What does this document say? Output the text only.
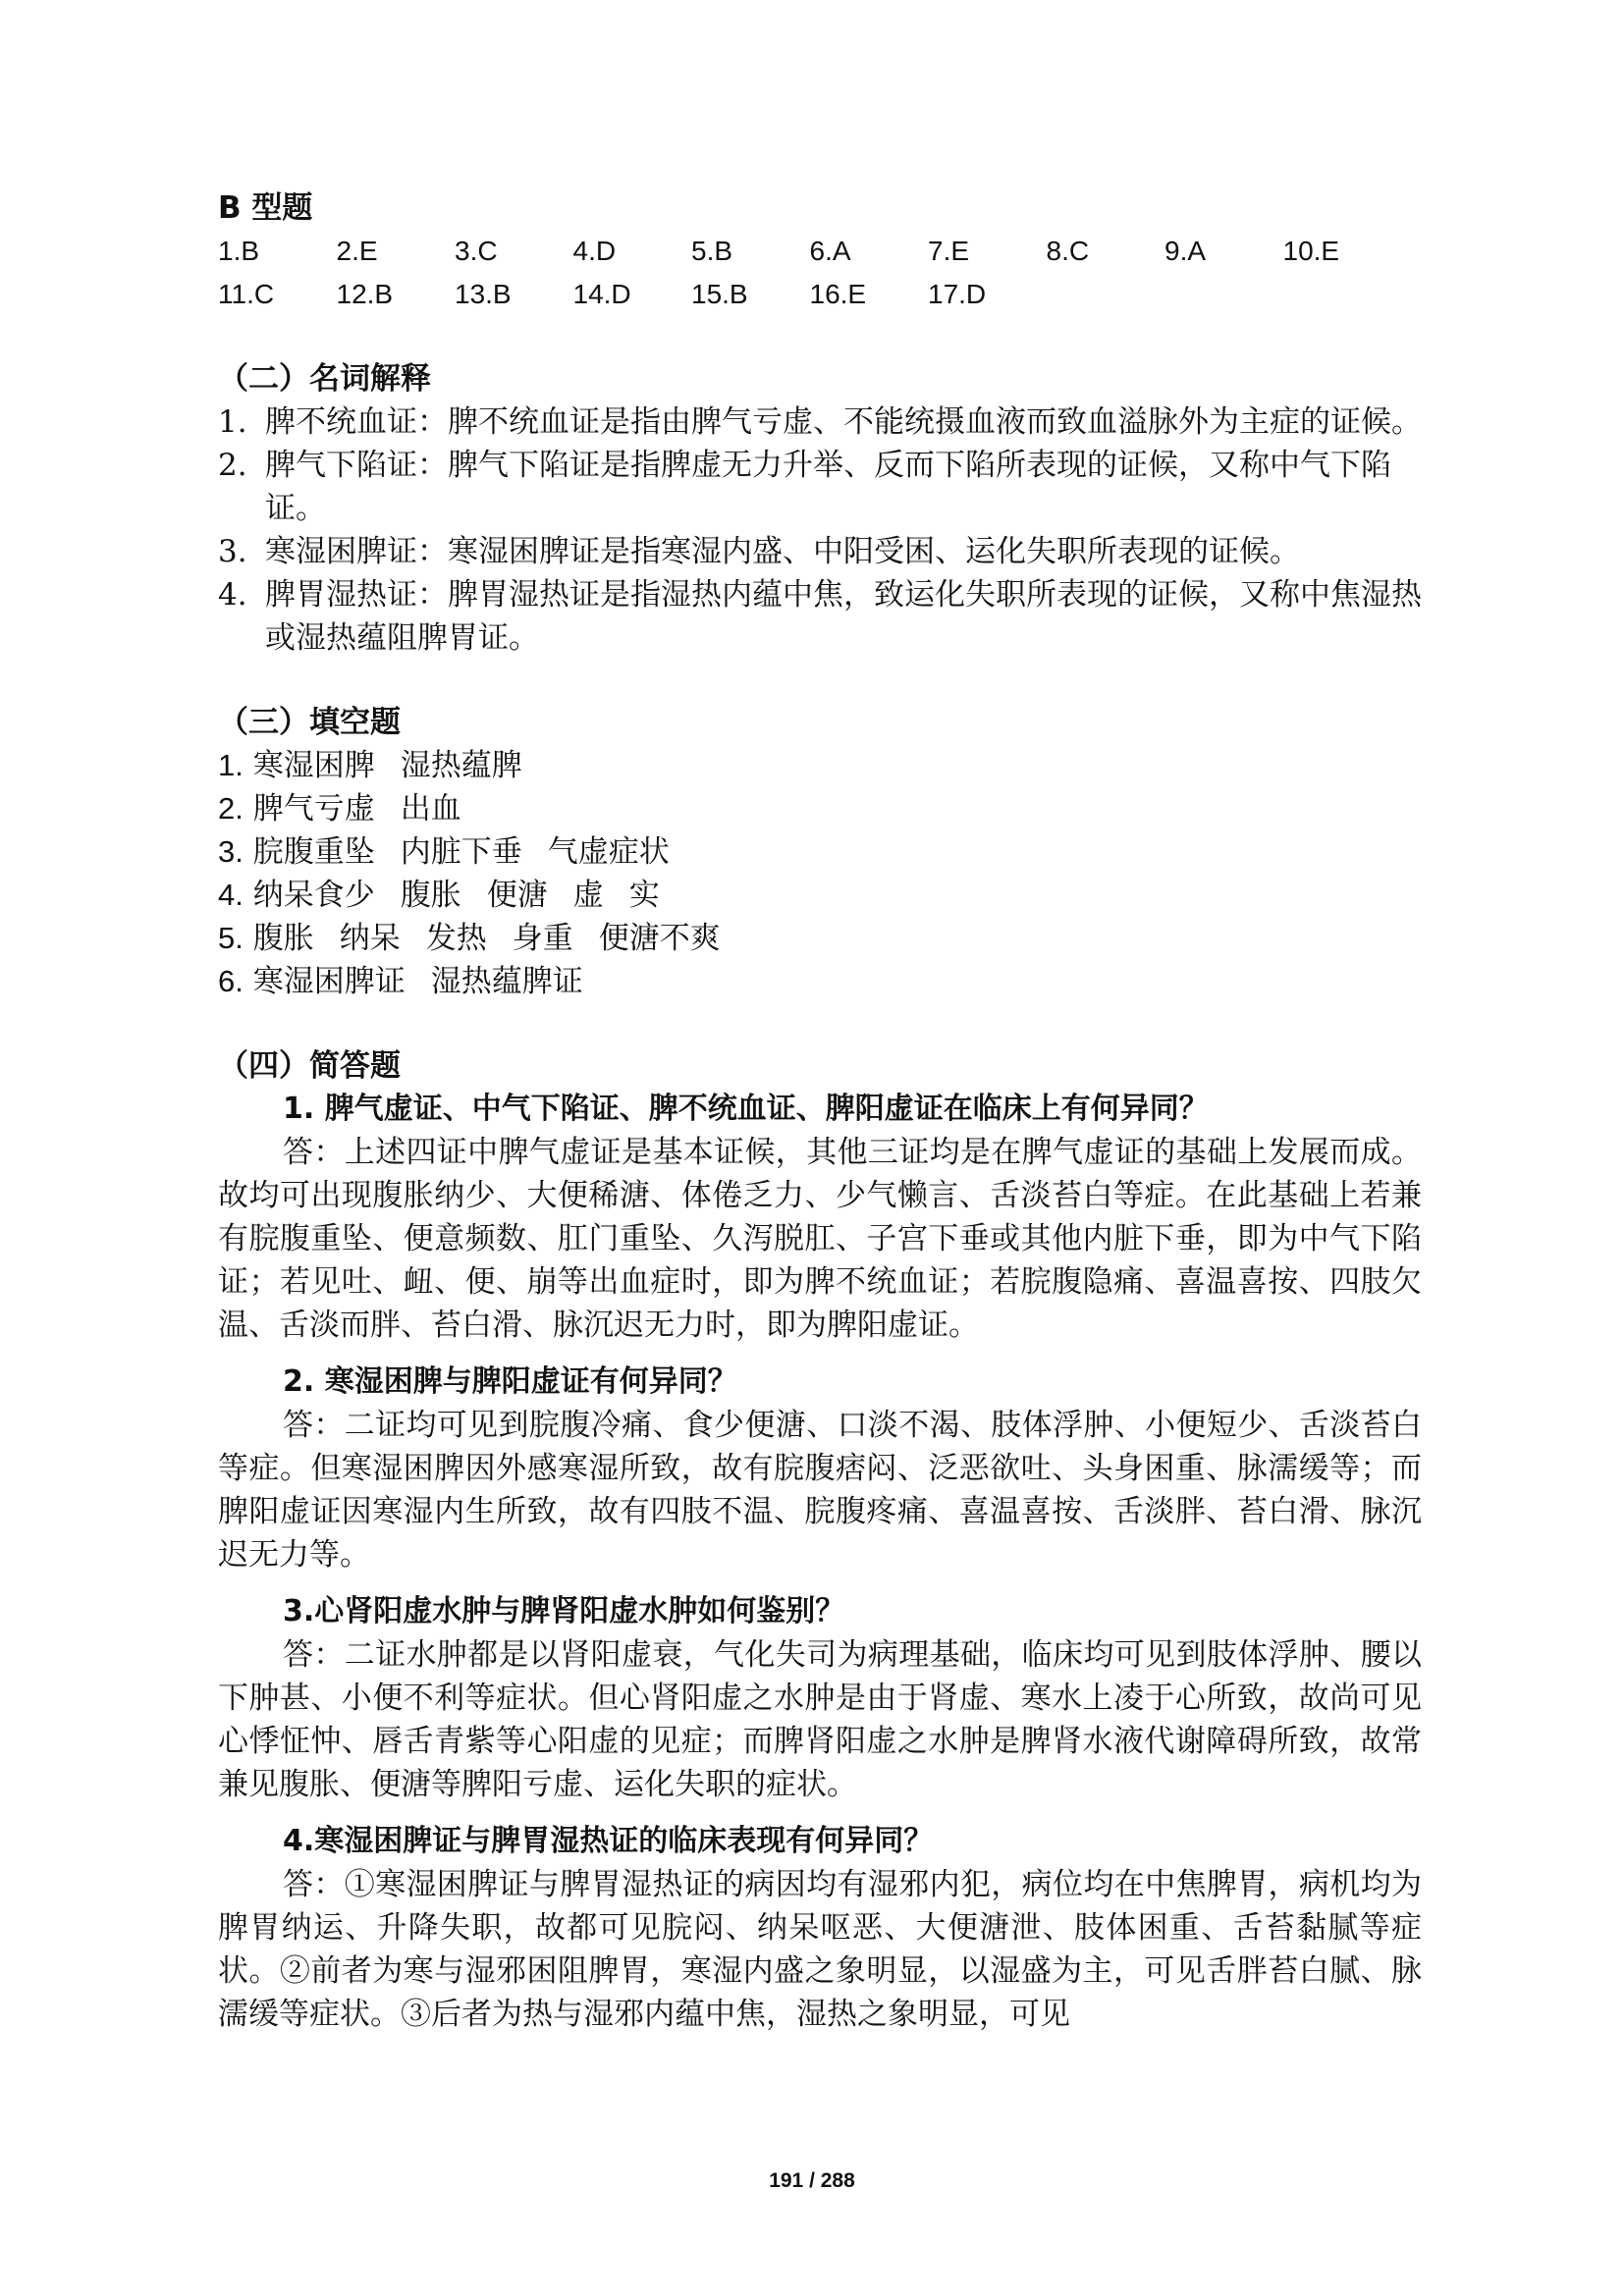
B 型题

1.B	2.E	3.C	4.D	5.B	6.A	7.E	8.C	9.A	10.E
11.C	12.B	13.B	14.D	15.B	16.E	17.D

（二）名词解释

1. 脾不统血证：脾不统血证是指由脾气亏虚、不能统摄血液而致血溢脉外为主症的证候。
2. 脾气下陷证：脾气下陷证是指脾虚无力升举、反而下陷所表现的证候，又称中气下陷证。
3. 寒湿困脾证：寒湿困脾证是指寒湿内盛、中阳受困、运化失职所表现的证候。
4. 脾胃湿热证：脾胃湿热证是指湿热内蕴中焦，致运化失职所表现的证候，又称中焦湿热或湿热蕴阻脾胃证。

（三）填空题

1. 寒湿困脾 湿热蕴脾
2. 脾气亏虚 出血
3. 脘腹重坠 内脏下垂 气虚症状
4. 纳呆食少 腹胀 便溏 虚 实
5. 腹胀 纳呆 发热 身重 便溏不爽
6. 寒湿困脾证 湿热蕴脾证

（四）简答题

1. 脾气虚证、中气下陷证、脾不统血证、脾阳虚证在临床上有何异同？

答：上述四证中脾气虚证是基本证候，其他三证均是在脾气虚证的基础上发展而成。故均可出现腹胀纳少、大便稀溏、体倦乏力、少气懒言、舌淡苔白等症。在此基础上若兼有脘腹重坠、便意频数、肛门重坠、久泻脱肛、子宫下垂或其他内脏下垂，即为中气下陷证；若见吐、衄、便、崩等出血症时，即为脾不统血证；若脘腹隐痛、喜温喜按、四肢欠温、舌淡而胖、苔白滑、脉沉迟无力时，即为脾阳虚证。

2. 寒湿困脾与脾阳虚证有何异同？

答：二证均可见到脘腹冷痛、食少便溏、口淡不渴、肢体浮肿、小便短少、舌淡苔白等症。但寒湿困脾因外感寒湿所致，故有脘腹痞闷、泛恶欲吐、头身困重、脉濡缓等；而脾阳虚证因寒湿内生所致，故有四肢不温、脘腹疼痛、喜温喜按、舌淡胖、苔白滑、脉沉迟无力等。

3.心肾阳虚水肿与脾肾阳虚水肿如何鉴别？

答：二证水肿都是以肾阳虚衰，气化失司为病理基础，临床均可见到肢体浮肿、腰以下肿甚、小便不利等症状。但心肾阳虚之水肿是由于肾虚、寒水上凌于心所致，故尚可见心悸怔忡、唇舌青紫等心阳虚的见症；而脾肾阳虚之水肿是脾肾水液代谢障碍所致，故常兼见腹胀、便溏等脾阳亏虚、运化失职的症状。

4.寒湿困脾证与脾胃湿热证的临床表现有何异同？

答：①寒湿困脾证与脾胃湿热证的病因均有湿邪内犯，病位均在中焦脾胃，病机均为脾胃纳运、升降失职，故都可见脘闷、纳呆呕恶、大便溏泄、肢体困重、舌苔黏腻等症状。②前者为寒与湿邪困阻脾胃，寒湿内盛之象明显，以湿盛为主，可见舌胖苔白腻、脉濡缓等症状。③后者为热与湿邪内蕴中焦，湿热之象明显，可见

191 / 288
